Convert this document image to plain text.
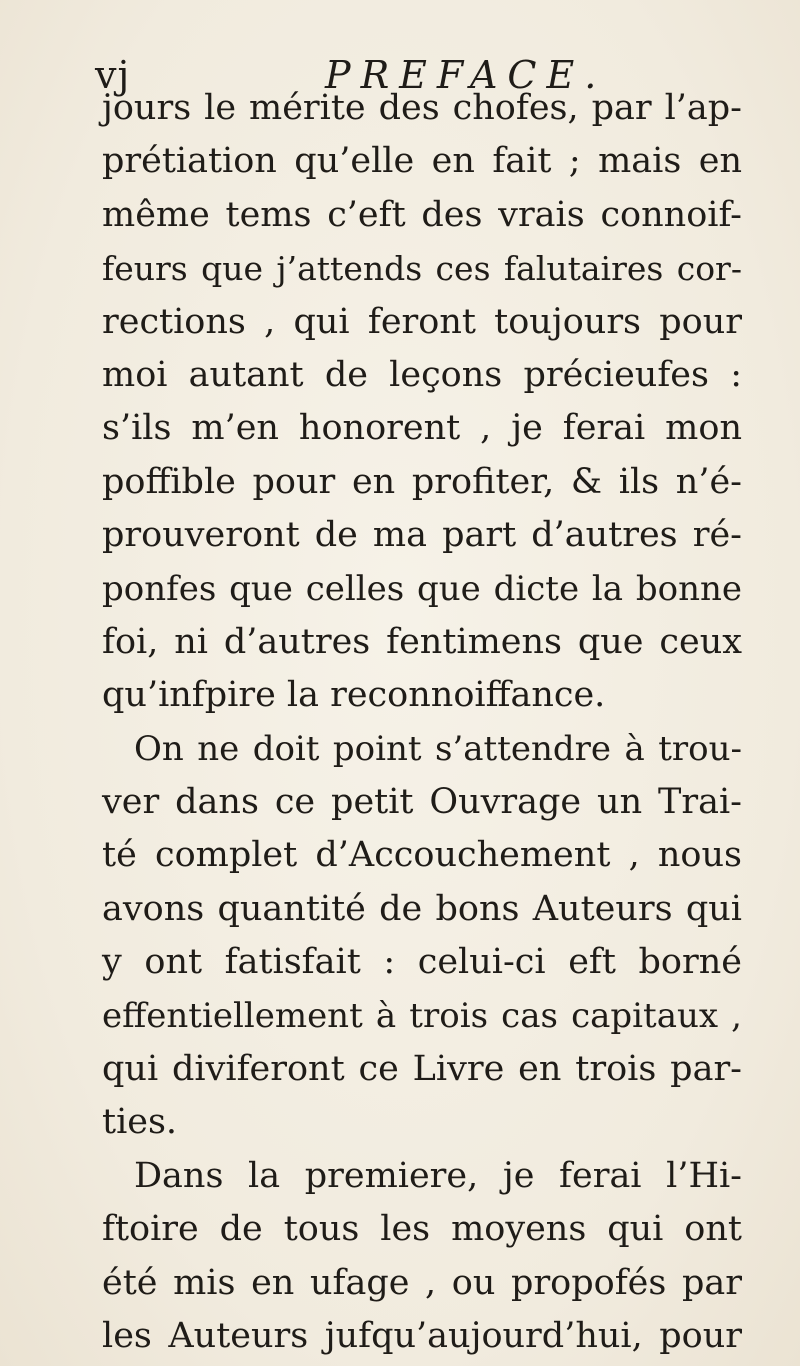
vj	PREFACE.
jours le mérite des chofes, par l’ap-
prétiation qu’elle en fait ; mais en
même tems c’eft des vrais connoif-
feurs que j’attends ces falutaires cor-
rections , qui feront toujours pour
moi autant de leçons précieufes :
s’ils m’en honorent , je ferai mon
poffible pour en profiter, & ils n’é-
prouveront de ma part d’autres ré-
ponfes que celles que dicte la bonne
foi, ni d’autres fentimens que ceux
qu’infpire la reconnoiffance.
On ne doit point s’attendre à trou-
ver dans ce petit Ouvrage un Trai-
té complet d’Accouchement , nous
avons quantité de bons Auteurs qui
y ont fatisfait : celui-ci eft borné
effentiellement à trois cas capitaux ,
qui diviferont ce Livre en trois par-
ties.
Dans la premiere, je ferai l’Hi-
ftoire de tous les moyens qui ont
été mis en ufage , ou propofés par
les Auteurs jufqu’aujourd’hui, pour
